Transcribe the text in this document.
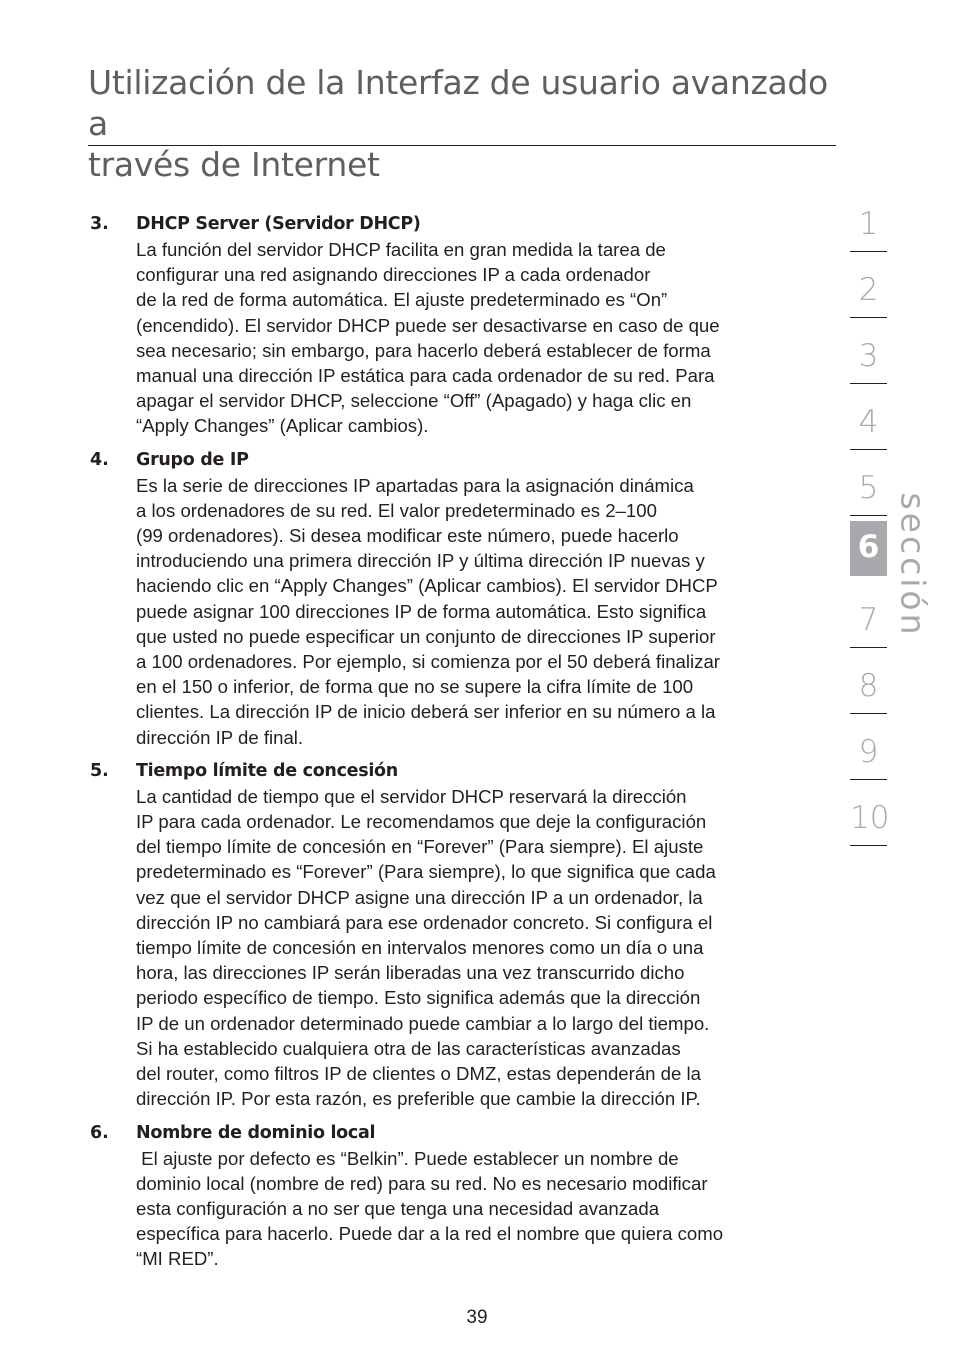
Utilización de la Interfaz de usuario avanzado a
través de Internet
3. DHCP Server (Servidor DHCP)

La función del servidor DHCP facilita en gran medida la tarea de
configurar una red asignando direcciones IP a cada ordenador
de la red de forma automática. El ajuste predeterminado es “On”
(encendido). El servidor DHCP puede ser desactivarse en caso de que
sea necesario; sin embargo, para hacerlo deberá establecer de forma
manual una dirección IP estática para cada ordenador de su red. Para
apagar el servidor DHCP, seleccione “Off” (Apagado) y haga clic en
“Apply Changes” (Aplicar cambios).

4. Grupo de IP

Es la serie de direcciones IP apartadas para la asignación dinámica
a los ordenadores de su red. El valor predeterminado es 2–100
(99 ordenadores). Si desea modificar este número, puede hacerlo
introduciendo una primera dirección IP y última dirección IP nuevas y
haciendo clic en “Apply Changes” (Aplicar cambios). El servidor DHCP
puede asignar 100 direcciones IP de forma automática. Esto significa
que usted no puede especificar un conjunto de direcciones IP superior
a 100 ordenadores. Por ejemplo, si comienza por el 50 deberá finalizar
en el 150 o inferior, de forma que no se supere la cifra límite de 100
clientes. La dirección IP de inicio deberá ser inferior en su número a la
dirección IP de final.

5. Tiempo límite de concesión

La cantidad de tiempo que el servidor DHCP reservará la dirección
IP para cada ordenador. Le recomendamos que deje la configuración
del tiempo límite de concesión en “Forever” (Para siempre). El ajuste
predeterminado es “Forever” (Para siempre), lo que significa que cada
vez que el servidor DHCP asigne una dirección IP a un ordenador, la
dirección IP no cambiará para ese ordenador concreto. Si configura el
tiempo límite de concesión en intervalos menores como un día o una
hora, las direcciones IP serán liberadas una vez transcurrido dicho
periodo específico de tiempo. Esto significa además que la dirección
IP de un ordenador determinado puede cambiar a lo largo del tiempo.
Si ha establecido cualquiera otra de las características avanzadas
del router, como filtros IP de clientes o DMZ, estas dependerán de la
dirección IP. Por esta razón, es preferible que cambie la dirección IP.

6. Nombre de dominio local

El ajuste por defecto es “Belkin”. Puede establecer un nombre de
dominio local (nombre de red) para su red. No es necesario modificar
esta configuración a no ser que tenga una necesidad avanzada
específica para hacerlo. Puede dar a la red el nombre que quiera como
“MI RED”.

1
2
3
4
5
6
7
8
9
10
sección
39
